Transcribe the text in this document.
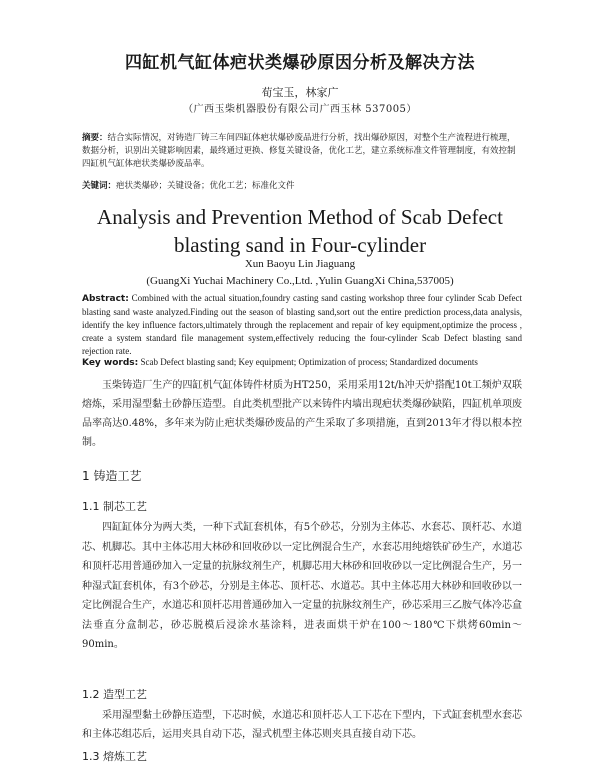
四缸机气缸体疤状类爆砂原因分析及解决方法
荀宝玉，林家广
（广西玉柴机器股份有限公司广西玉林 537005）
摘要：结合实际情况，对铸造厂铸三车间四缸体疤状爆砂废品进行分析，找出爆砂原因，对整个生产流程进行梳理，数据分析，识别出关键影响因素，最终通过更换、修复关键设备，优化工艺，建立系统标准文件管理制度，有效控制四缸机气缸体疤状类爆砂废品率。
关键词：疤状类爆砂；关键设备；优化工艺；标准化文件
Analysis and Prevention Method of Scab Defect blasting sand in Four-cylinder
Xun Baoyu Lin Jiaguang
(GuangXi Yuchai Machinery Co.,Ltd. ,Yulin GuangXi China,537005)
Abstract: Combined with the actual situation,foundry casting sand casting workshop three four cylinder Scab Defect blasting sand waste analyzed.Finding out the season of blasting sand,sort out the entire prediction process,data analysis, identify the key influence factors,ultimately through the replacement and repair of key equipment,optimize the process , create a system standard file management system,effectively reducing the four-cylinder Scab Defect blasting sand rejection rate.
Key words: Scab Defect blasting sand; Key equipment; Optimization of process; Standardized documents
玉柴铸造厂生产的四缸机气缸体铸件材质为HT250，采用采用12t/h冲天炉搭配10t工频炉双联熔炼，采用湿型黏土砂静压造型。自此类机型批产以来铸件内墙出现疤状类爆砂缺陷，四缸机单项废品率高达0.48%，多年来为防止疤状类爆砂废品的产生采取了多项措施，直到2013年才得以根本控制。
1 铸造工艺
1.1 制芯工艺
四缸缸体分为两大类，一种下式缸套机体，有5个砂芯，分别为主体芯、水套芯、顶杆芯、水道芯、机脚芯。其中主体芯用大林砂和回收砂以一定比例混合生产，水套芯用纯熔铁矿砂生产，水道芯和顶杆芯用普通砂加入一定量的抗脉纹剂生产，机脚芯用大林砂和回收砂以一定比例混合生产，另一种湿式缸套机体，有3个砂芯，分别是主体芯、顶杆芯、水道芯。其中主体芯用大林砂和回收砂以一定比例混合生产，水道芯和顶杆芯用普通砂加入一定量的抗脉纹剂生产，砂芯采用三乙胺气体冷芯盒法垂直分盒制芯，砂芯脱模后浸涂水基涂料，进表面烘干炉在100～180℃下烘烤60min～90min。
1.2 造型工艺
采用湿型黏土砂静压造型，下芯时候，水道芯和顶杆芯人工下芯在下型内，下式缸套机型水套芯和主体芯组芯后，运用夹具自动下芯，湿式机型主体芯则夹具直接自动下芯。
1.3 熔炼工艺
